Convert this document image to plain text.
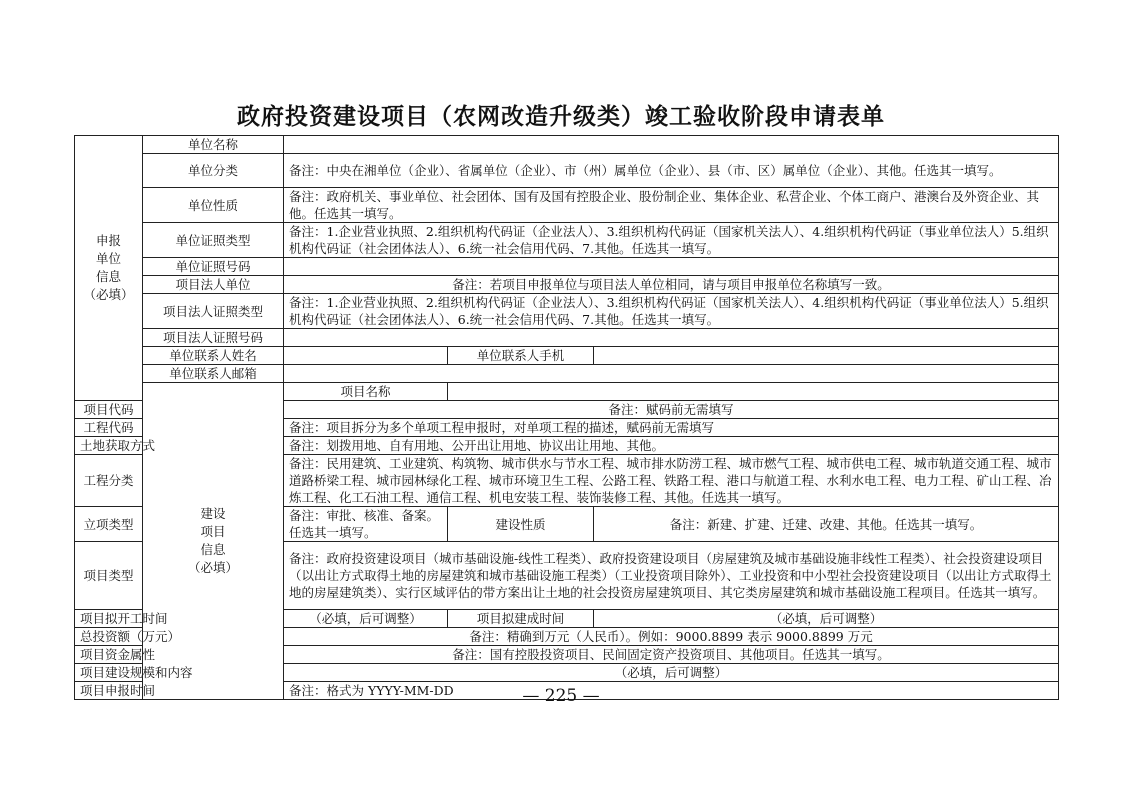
政府投资建设项目（农网改造升级类）竣工验收阶段申请表单
申报
单位
信息
（必填）	单位名称			
	单位分类	备注：中央在湘单位（企业）、省属单位（企业）、市（州）属单位（企业）、县（市、区）属单位（企业）、其他。任选其一填写。		
	单位性质	备注：政府机关、事业单位、社会团体、国有及国有控股企业、股份制企业、集体企业、私营企业、个体工商户、港澳台及外资企业、其他。任选其一填写。		
	单位证照类型	备注：1.企业营业执照、2.组织机构代码证（企业法人）、3.组织机构代码证（国家机关法人）、4.组织机构代码证（事业单位法人）5.组织机构代码证（社会团体法人）、6.统一社会信用代码、7.其他。任选其一填写。		
	单位证照号码			
	项目法人单位	备注：若项目申报单位与项目法人单位相同，请与项目申报单位名称填写一致。		
	项目法人证照类型	备注：1.企业营业执照、2.组织机构代码证（企业法人）、3.组织机构代码证（国家机关法人）、4.组织机构代码证（事业单位法人）5.组织机构代码证（社会团体法人）、6.统一社会信用代码、7.其他。任选其一填写。		
	项目法人证照号码			
	单位联系人姓名		单位联系人手机	
	单位联系人邮箱			
	建设
项目
信息
（必填）	项目名称		
项目代码		备注：赋码前无需填写		
工程代码		备注：项目拆分为多个单项工程申报时，对单项工程的描述，赋码前无需填写		
土地获取方式		备注：划拨用地、自有用地、公开出让用地、协议出让用地、其他。		
工程分类		备注：民用建筑、工业建筑、构筑物、城市供水与节水工程、城市排水防涝工程、城市燃气工程、城市供电工程、城市轨道交通工程、城市道路桥梁工程、城市园林绿化工程、城市环境卫生工程、公路工程、铁路工程、港口与航道工程、水利水电工程、电力工程、矿山工程、冶炼工程、化工石油工程、通信工程、机电安装工程、装饰装修工程、其他。任选其一填写。		
立项类型		备注：审批、核准、备案。任选其一填写。	建设性质	备注：新建、扩建、迁建、改建、其他。任选其一填写。
项目类型		备注：政府投资建设项目（城市基础设施-线性工程类）、政府投资建设项目（房屋建筑及城市基础设施非线性工程类）、社会投资建设项目（以出让方式取得土地的房屋建筑和城市基础设施工程类）（工业投资项目除外）、工业投资和中小型社会投资建设项目（以出让方式取得土地的房屋建筑类）、实行区域评估的带方案出让土地的社会投资房屋建筑项目、其它类房屋建筑和城市基础设施工程项目。任选其一填写。		
项目拟开工时间		（必填，后可调整）	项目拟建成时间	（必填，后可调整）
总投资额（万元）		备注：精确到万元（人民币）。例如：9000.8899 表示 9000.8899 万元		
项目资金属性		备注：国有控股投资项目、民间固定资产投资项目、其他项目。任选其一填写。		
项目建设规模和内容		（必填，后可调整）		
项目申报时间		备注：格式为 YYYY-MM-DD			— 225 —
